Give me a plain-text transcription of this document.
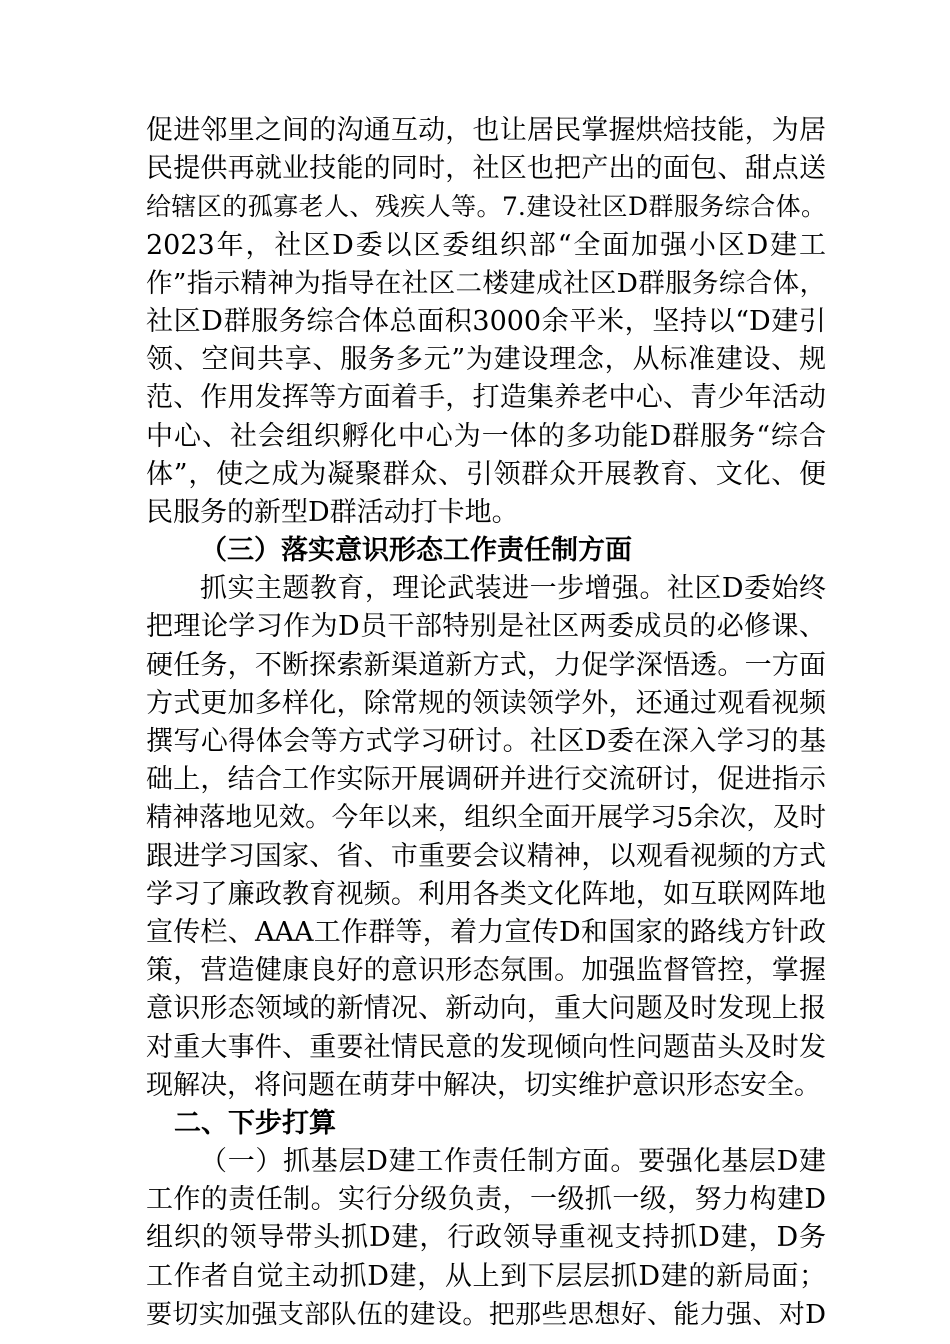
促进邻里之间的沟通互动，也让居民掌握烘焙技能，为居
民提供再就业技能的同时，社区也把产出的面包、甜点送
给辖区的孤寡老人、残疾人等。7.建设社区D群服务综合体。
2023年，社区D委以区委组织部“全面加强小区D建工
作”指示精神为指导在社区二楼建成社区D群服务综合体，
社区D群服务综合体总面积3000余平米，坚持以“D建引
领、空间共享、服务多元”为建设理念，从标准建设、规
范、作用发挥等方面着手，打造集养老中心、青少年活动
中心、社会组织孵化中心为一体的多功能D群服务“综合
体”，使之成为凝聚群众、引领群众开展教育、文化、便
民服务的新型D群活动打卡地。
（三）落实意识形态工作责任制方面
抓实主题教育，理论武装进一步增强。社区D委始终
把理论学习作为D员干部特别是社区两委成员的必修课、
硬任务，不断探索新渠道新方式，力促学深悟透。一方面
方式更加多样化，除常规的领读领学外，还通过观看视频
撰写心得体会等方式学习研讨。社区D委在深入学习的基
础上，结合工作实际开展调研并进行交流研讨，促进指示
精神落地见效。今年以来，组织全面开展学习5余次，及时
跟进学习国家、省、市重要会议精神，以观看视频的方式
学习了廉政教育视频。利用各类文化阵地，如互联网阵地
宣传栏、AAA工作群等，着力宣传D和国家的路线方针政
策，营造健康良好的意识形态氛围。加强监督管控，掌握
意识形态领域的新情况、新动向，重大问题及时发现上报
对重大事件、重要社情民意的发现倾向性问题苗头及时发
现解决，将问题在萌芽中解决，切实维护意识形态安全。
二、下步打算
（一）抓基层D建工作责任制方面。要强化基层D建
工作的责任制。实行分级负责，一级抓一级，努力构建D
组织的领导带头抓D建，行政领导重视支持抓D建，D务
工作者自觉主动抓D建，从上到下层层抓D建的新局面；
要切实加强支部队伍的建设。把那些思想好、能力强、对D
